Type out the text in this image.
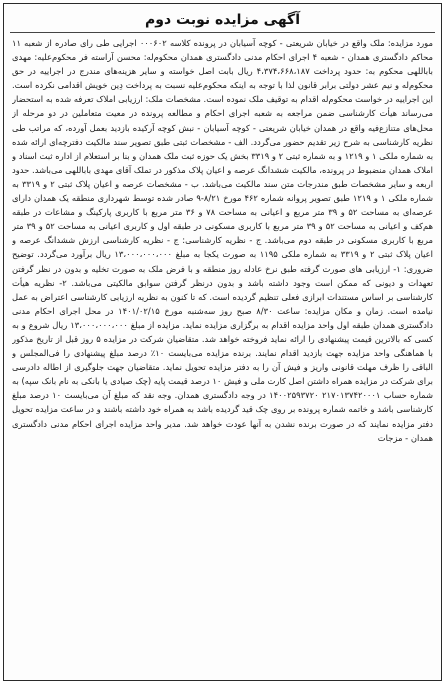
آگهی مزایده نوبت دوم
مورد مزایده: ملک واقع در خیابان شریعتی - کوچه آسیابان در پرونده کلاسه ۰۰۰۶۰۲ اجرایی طی رای صادره از شعبه ۱۱ محاکم دادگستری همدان - شعبه ۴ اجرای احکام مدنی دادگستری همدان محکوم‌له: محسن آراسته فر محکوم‌علیه: مهدی باباللهی محکوم به: حدود پرداخت ۴،۳۷۴،۶۶۸،۱۸۷ ریال بابت اصل خواسته و سایر هزینه‌های مندرج در اجراییه در حق محکوم‌له و نیم عشر دولتی برابر قانون لذا با توجه به اینکه محکوم‌علیه نسبت به پرداخت دِین خویش اقدامی نکرده است. این اجراییه در خواست محکوم‌له اقدام به توقیف ملک نموده است. مشخصات ملک: ارزیابی املاک تعرفه شده به استحضار می‌رساند هیأت کارشناسی ضمن مراجعه به شعبه اجرای احکام و مطالعه پرونده در معیت متعاملین در دو مرحله از محل‌های متنازع‌فیه واقع در همدان خیابان شریعتی - کوچه آسیابان - نبش کوچه آرکیده بازدید بعمل آورده، که مراتب طی نظریه کارشناسی به شرح زیر تقدیم حضور می‌گردد. الف - مشخصات ثبتی طبق تصویر سند مالکیت دفترچه‌ای ارائه شده به شماره ملکی ۱ و ۱۲۱۹ و به شماره ثبتی ۲ و ۳۳۱۹ بخش یک حوزه ثبت ملک همدان و بنا بر استعلام از اداره ثبت اسناد و املاک همدان منضبوط در پرونده، مالکیت ششدانگ عرصه و اعیان پلاک مذکور در تملک آقای مهدی باباللهی می‌باشد. حدود اربعه و سایر مشخصات طبق مندرجات متن سند مالکیت می‌باشد. ب - مشخصات عرصه و اعیان پلاک ثبتی ۲ و ۳۳۱۹ به شماره ملکی ۱ و ۱۲۱۹ طبق تصویر پروانه شماره ۴۶۲ مورخ ۸/۲۱-۹ صادر شده توسط شهرداری منطقه یک همدان دارای عرصه‌ای به مساحت ۵۲ و ۳۹ متر مربع و اعیانی به مساحت ۷۸ و ۳۶ متر مربع با کاربری پارکینگ و مشاعات در طبقه هم‌کف و اعیانی به مساحت ۵۲ و ۳۹ متر مربع با کاربری مسکونی در طبقه اول و کاربری اعیانی به مساحت ۵۲ و ۳۹ متر مربع با کاربری مسکونی در طبقه دوم می‌باشد. ج - نظریه کارشناسی: ج - نظریه کارشناسی ارزش ششدانگ عرصه و اعیان پلاک ثبتی ۲ و ۳۳۱۹ به شماره ملکی ۱۱۹۵ به صورت یکجا به مبلغ ۱۳،۰۰۰،۰۰۰،۰۰۰ ریال برآورد می‌گردد. توضیح ضروری: ۱- ارزیابی های صورت گرفته طبق نرخ عادله روز منطقه و با فرض ملک به صورت تخلیه و بدون در نظر گرفتن تعهدات و دیونی که ممکن است وجود داشته باشد و بدون درنظر گرفتن سوابق مالکیتی می‌باشد. ۲- نظریه هیأت کارشناسی بر اساس مستندات ابرازی فعلی تنظیم گردیده است. که تا کنون به نظریه ارزیابی کارشناسی اعتراض به عمل نیامده است. زمان و مکان مزایده: ساعت ۸/۳۰ صبح روز سه‌شنبه مورخ ۱۴۰۱/۰۲/۱۵ در محل اجرای احکام مدنی دادگستری همدان طبقه اول واحد مزایده اقدام به برگزاری مزایده نماید. مزایده از مبلغ ۱۳،۰۰۰،۰۰۰،۰۰۰ ریال شروع و به کسی که بالاترین قیمت پیشنهادی را ارائه نماید فروخته خواهد شد. متقاضیان شرکت در مزایده ۵ روز قبل از تاریخ مذکور با هماهنگی واحد مزایده جهت بازدید اقدام نمایند. برنده مزایده می‌بایست ۱۰٪ درصد مبلغ پیشنهادی را فی‌المجلس و الباقی را ظرف مهلت قانونی واریز و فیش آن را به دفتر مزایده تحویل نماید. متقاضیان جهت جلوگیری از اطاله دادرسی برای شرکت در مزایده همراه داشتن اصل کارت ملی و فیش ۱۰ درصد قیمت پایه (چک صیادی یا بانکی به نام بانک سپه) به شماره حساب ۲۱۷۰۱۳۷۴۲۰۰۰۱ ۱۴۰۰۲۵۹۳۷۲۰ در وجه دادگستری همدان. وجه نقد که مبلغ آن می‌بایست ۱۰ درصد مبلغ کارشناسی باشد و خاتمه شماره پرونده بر روی چک قید گردیده باشد به همراه خود داشته باشند و در ساعت مزایده تحویل دفتر مزایده نمایند که در صورت برنده نشدن به آنها عودت خواهد شد. مدیر واحد مزایده اجرای احکام مدنی دادگستری همدان - مزجات
